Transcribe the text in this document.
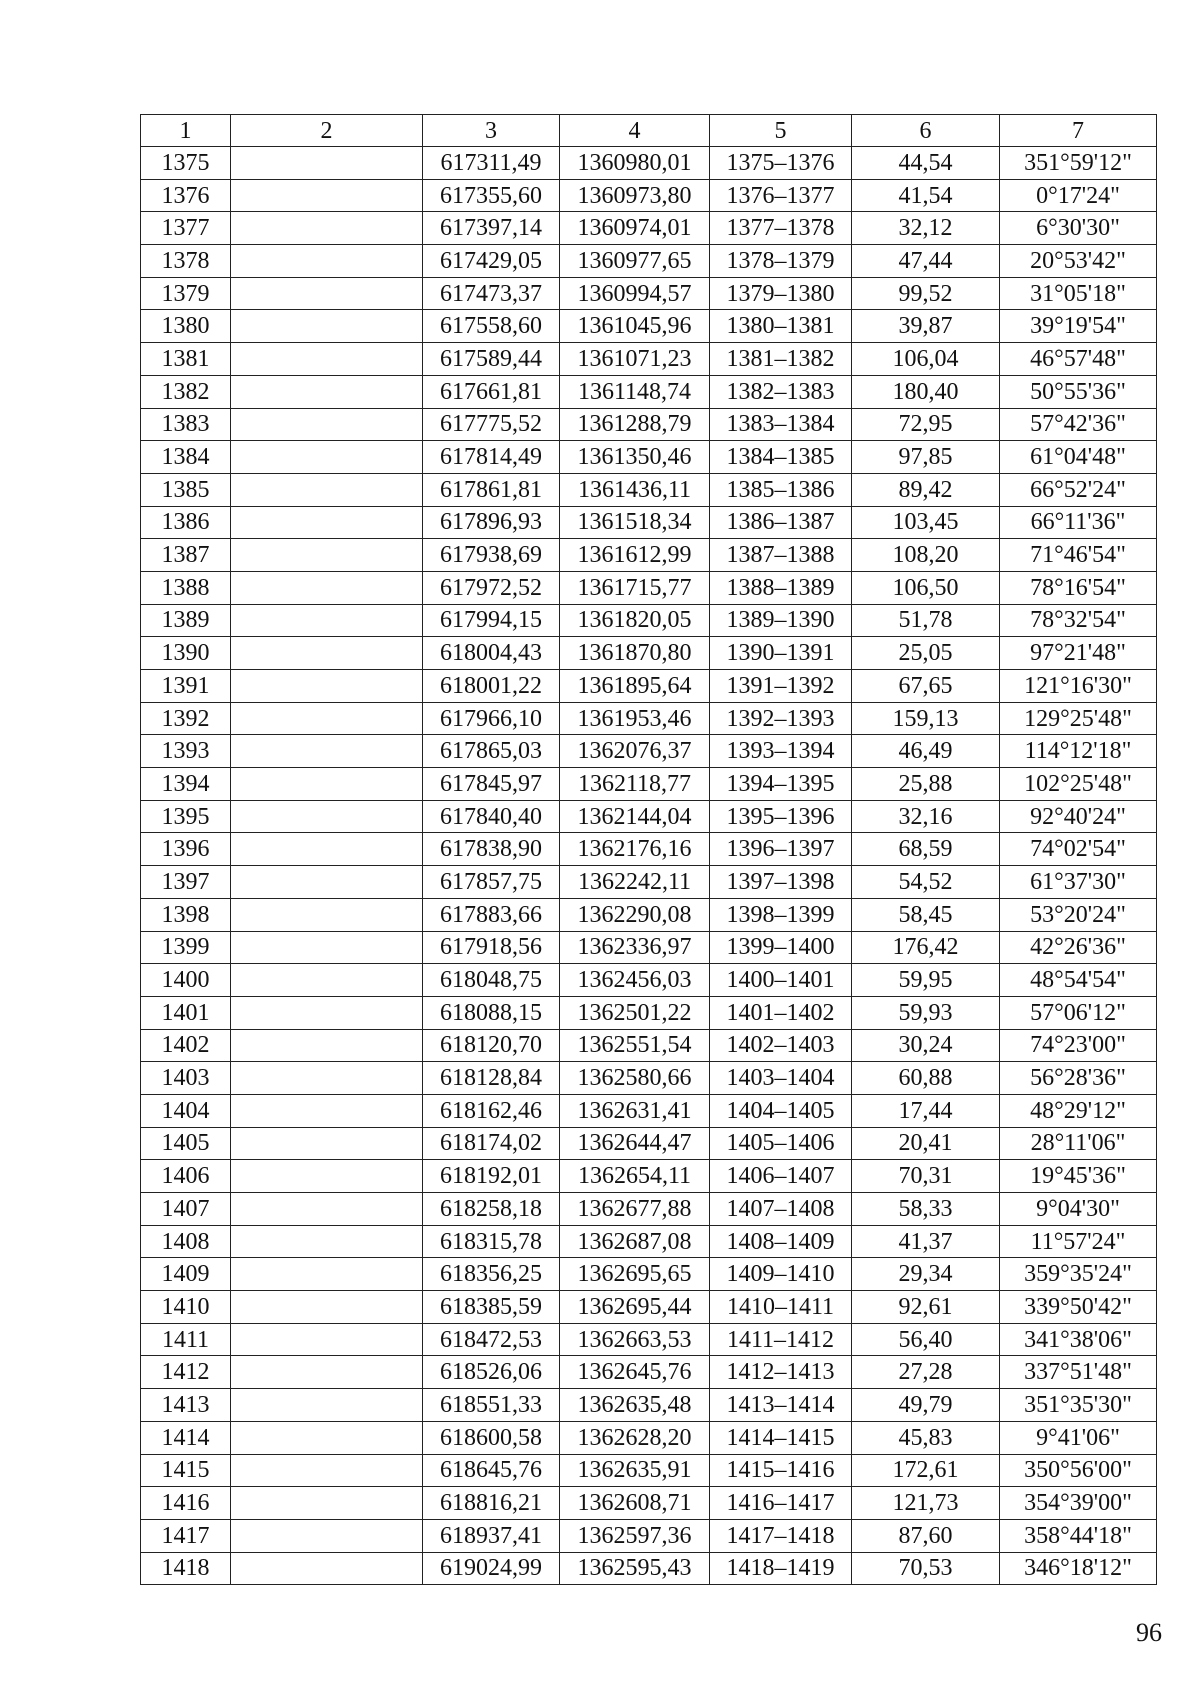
1	2	3	4	5	6	7
1375		617311,49	1360980,01	1375–1376	44,54	351°59'12"
1376		617355,60	1360973,80	1376–1377	41,54	0°17'24"
1377		617397,14	1360974,01	1377–1378	32,12	6°30'30"
1378		617429,05	1360977,65	1378–1379	47,44	20°53'42"
1379		617473,37	1360994,57	1379–1380	99,52	31°05'18"
1380		617558,60	1361045,96	1380–1381	39,87	39°19'54"
1381		617589,44	1361071,23	1381–1382	106,04	46°57'48"
1382		617661,81	1361148,74	1382–1383	180,40	50°55'36"
1383		617775,52	1361288,79	1383–1384	72,95	57°42'36"
1384		617814,49	1361350,46	1384–1385	97,85	61°04'48"
1385		617861,81	1361436,11	1385–1386	89,42	66°52'24"
1386		617896,93	1361518,34	1386–1387	103,45	66°11'36"
1387		617938,69	1361612,99	1387–1388	108,20	71°46'54"
1388		617972,52	1361715,77	1388–1389	106,50	78°16'54"
1389		617994,15	1361820,05	1389–1390	51,78	78°32'54"
1390		618004,43	1361870,80	1390–1391	25,05	97°21'48"
1391		618001,22	1361895,64	1391–1392	67,65	121°16'30"
1392		617966,10	1361953,46	1392–1393	159,13	129°25'48"
1393		617865,03	1362076,37	1393–1394	46,49	114°12'18"
1394		617845,97	1362118,77	1394–1395	25,88	102°25'48"
1395		617840,40	1362144,04	1395–1396	32,16	92°40'24"
1396		617838,90	1362176,16	1396–1397	68,59	74°02'54"
1397		617857,75	1362242,11	1397–1398	54,52	61°37'30"
1398		617883,66	1362290,08	1398–1399	58,45	53°20'24"
1399		617918,56	1362336,97	1399–1400	176,42	42°26'36"
1400		618048,75	1362456,03	1400–1401	59,95	48°54'54"
1401		618088,15	1362501,22	1401–1402	59,93	57°06'12"
1402		618120,70	1362551,54	1402–1403	30,24	74°23'00"
1403		618128,84	1362580,66	1403–1404	60,88	56°28'36"
1404		618162,46	1362631,41	1404–1405	17,44	48°29'12"
1405		618174,02	1362644,47	1405–1406	20,41	28°11'06"
1406		618192,01	1362654,11	1406–1407	70,31	19°45'36"
1407		618258,18	1362677,88	1407–1408	58,33	9°04'30"
1408		618315,78	1362687,08	1408–1409	41,37	11°57'24"
1409		618356,25	1362695,65	1409–1410	29,34	359°35'24"
1410		618385,59	1362695,44	1410–1411	92,61	339°50'42"
1411		618472,53	1362663,53	1411–1412	56,40	341°38'06"
1412		618526,06	1362645,76	1412–1413	27,28	337°51'48"
1413		618551,33	1362635,48	1413–1414	49,79	351°35'30"
1414		618600,58	1362628,20	1414–1415	45,83	9°41'06"
1415		618645,76	1362635,91	1415–1416	172,61	350°56'00"
1416		618816,21	1362608,71	1416–1417	121,73	354°39'00"
1417		618937,41	1362597,36	1417–1418	87,60	358°44'18"
1418		619024,99	1362595,43	1418–1419	70,53	346°18'12"
96
